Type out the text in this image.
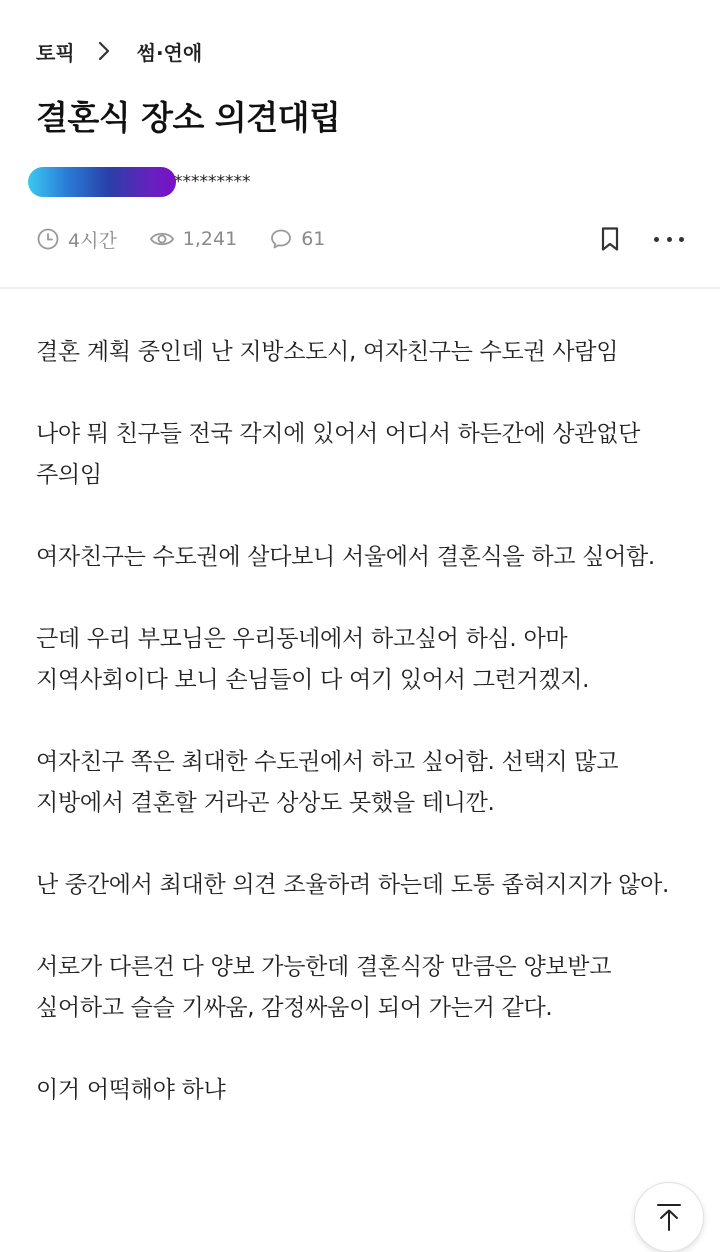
토픽	썸·연애
결혼식 장소 의견대립
*********
4시간	1,241	61

결혼 계획 중인데 난 지방소도시, 여자친구는 수도권 사람임

나야 뭐 친구들 전국 각지에 있어서 어디서 하든간에 상관없단 주의임

여자친구는 수도권에 살다보니 서울에서 결혼식을 하고 싶어함.

근데 우리 부모님은 우리동네에서 하고싶어 하심. 아마 지역사회이다 보니 손님들이 다 여기 있어서 그런거겠지.

여자친구 쪽은 최대한 수도권에서 하고 싶어함. 선택지 많고 지방에서 결혼할 거라곤 상상도 못했을 테니깐.

난 중간에서 최대한 의견 조율하려 하는데 도통 좁혀지지가 않아.

서로가 다른건 다 양보 가능한데 결혼식장 만큼은 양보받고 싶어하고 슬슬 기싸움, 감정싸움이 되어 가는거 같다.

이거 어떡해야 하냐
